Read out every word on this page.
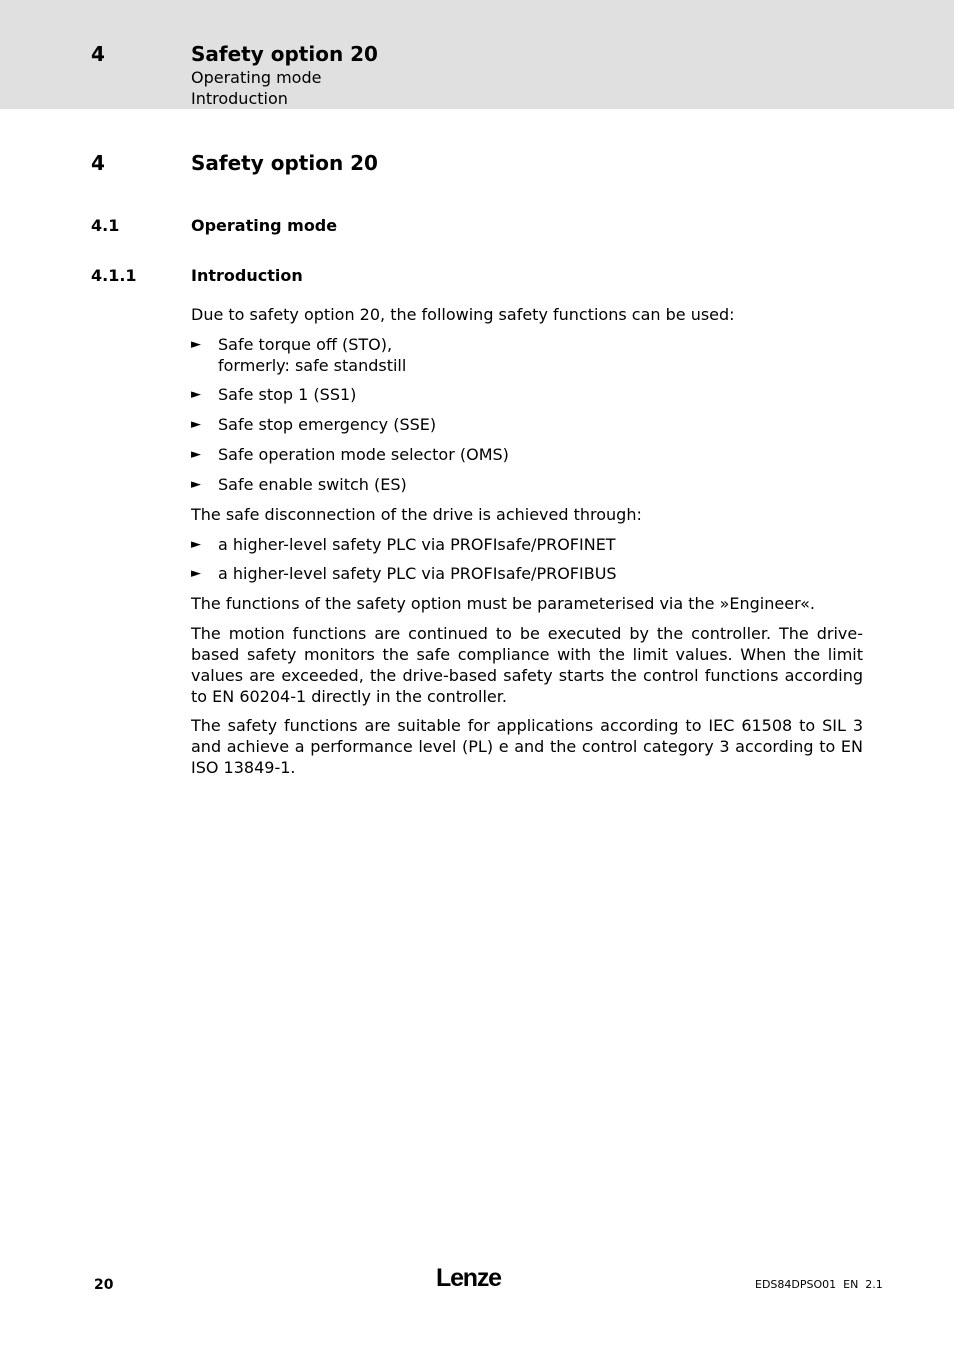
4	Safety option 20
Operating mode
Introduction
4	Safety option 20
4.1	Operating mode
4.1.1	Introduction
Due to safety option 20, the following safety functions can be used:
► Safe torque off (STO),
formerly: safe standstill
► Safe stop 1 (SS1)
► Safe stop emergency (SSE)
► Safe operation mode selector (OMS)
► Safe enable switch (ES)
The safe disconnection of the drive is achieved through:
► a higher-level safety PLC via PROFIsafe/PROFINET
► a higher-level safety PLC via PROFIsafe/PROFIBUS
The functions of the safety option must be parameterised via the »Engineer«.
The motion functions are continued to be executed by the controller. The drive-based safety monitors the safe compliance with the limit values. When the limit values are exceeded, the drive-based safety starts the control functions according to EN 60204-1 directly in the controller.
The safety functions are suitable for applications according to IEC 61508 to SIL 3 and achieve a performance level (PL) e and the control category 3 according to EN ISO 13849-1.
20	Lenze	EDS84DPSO01  EN  2.1
